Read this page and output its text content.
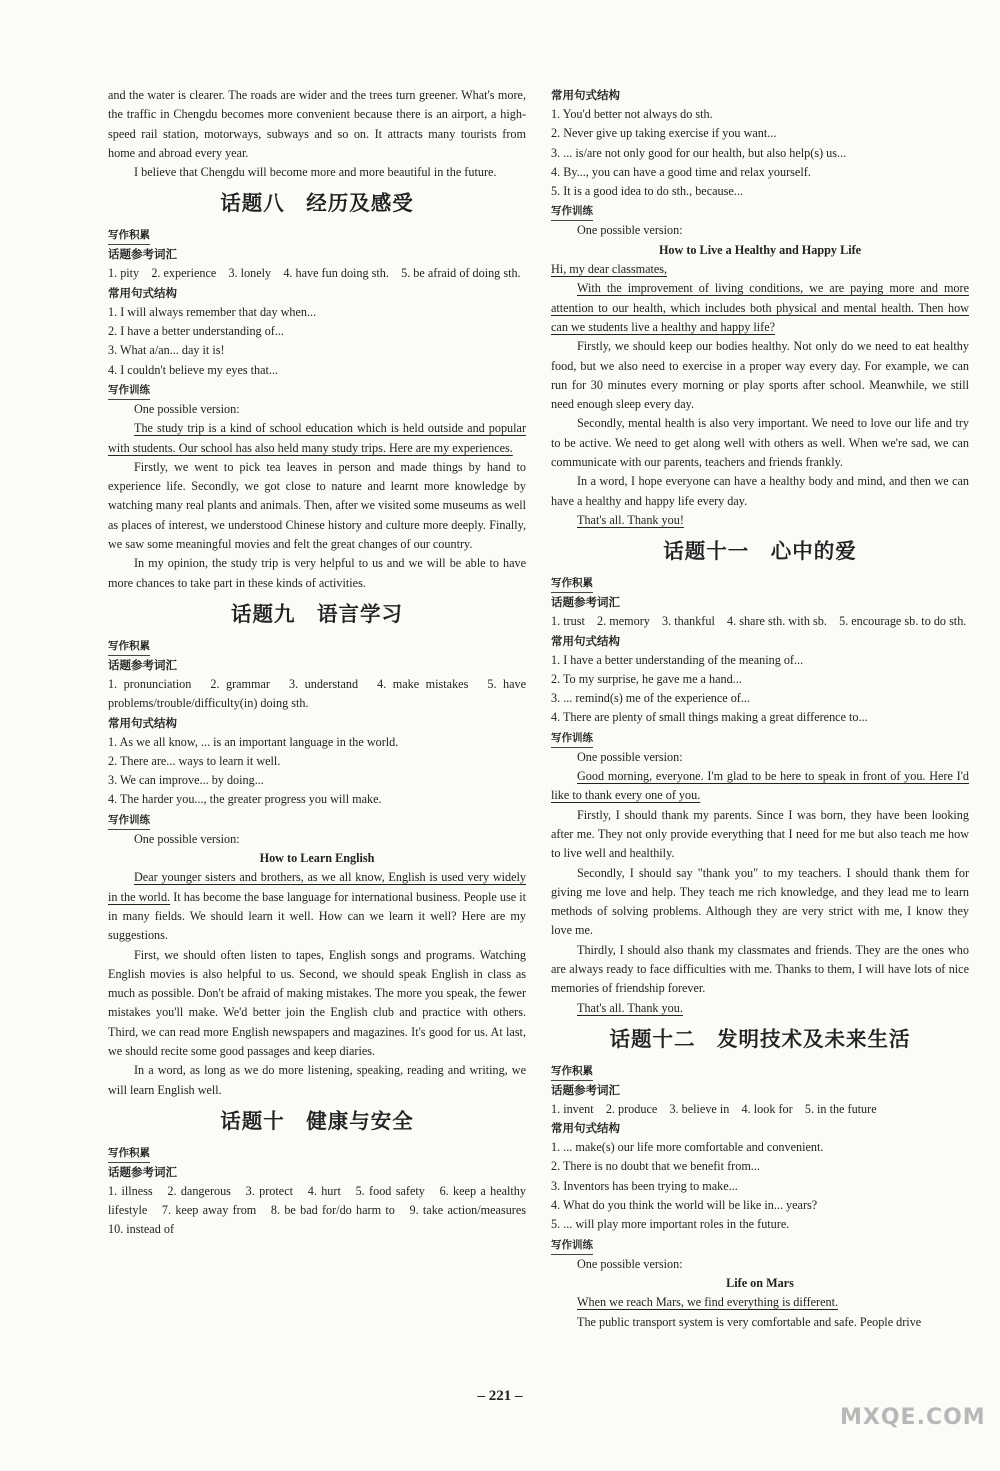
and the water is clearer. The roads are wider and the trees turn greener. What's more, the traffic in Chengdu becomes more convenient because there is an airport, a high-speed rail station, motorways, subways and so on. It attracts many tourists from home and abroad every year.

I believe that Chengdu will become more and more beautiful in the future.

话题八　经历及感受

写作积累

话题参考词汇

1. pity　2. experience　3. lonely　4. have fun doing sth.　5. be afraid of doing sth.

常用句式结构

1. I will always remember that day when...

2. I have a better understanding of...

3. What a/an... day it is!

4. I couldn't believe my eyes that...

写作训练

One possible version:

The study trip is a kind of school education which is held outside and popular with students. Our school has also held many study trips. Here are my experiences.

Firstly, we went to pick tea leaves in person and made things by hand to experience life. Secondly, we got close to nature and learnt more knowledge by watching many real plants and animals. Then, after we visited some museums as well as places of interest, we understood Chinese history and culture more deeply. Finally, we saw some meaningful movies and felt the great changes of our country.

In my opinion, the study trip is very helpful to us and we will be able to have more chances to take part in these kinds of activities.

话题九　语言学习

写作积累

话题参考词汇

1. pronunciation　2. grammar　3. understand　4. make mistakes　5. have problems/trouble/difficulty(in) doing sth.

常用句式结构

1. As we all know, ... is an important language in the world.

2. There are... ways to learn it well.

3. We can improve... by doing...

4. The harder you..., the greater progress you will make.

写作训练

One possible version:

How to Learn English

Dear younger sisters and brothers, as we all know, English is used very widely in the world. It has become the base language for international business. People use it in many fields. We should learn it well. How can we learn it well? Here are my suggestions.

First, we should often listen to tapes, English songs and programs. Watching English movies is also helpful to us. Second, we should speak English in class as much as possible. Don't be afraid of making mistakes. The more you speak, the fewer mistakes you'll make. We'd better join the English club and practice with others. Third, we can read more English newspapers and magazines. It's good for us. At last, we should recite some good passages and keep diaries.

In a word, as long as we do more listening, speaking, reading and writing, we will learn English well.

话题十　健康与安全

写作积累

话题参考词汇

1. illness　2. dangerous　3. protect　4. hurt　5. food safety　6. keep a healthy lifestyle　7. keep away from　8. be bad for/do harm to　9. take action/measures　10. instead of

常用句式结构

1. You'd better not always do sth.

2. Never give up taking exercise if you want...

3. ... is/are not only good for our health, but also help(s) us...

4. By..., you can have a good time and relax yourself.

5. It is a good idea to do sth., because...

写作训练

One possible version:

How to Live a Healthy and Happy Life

Hi, my dear classmates,

With the improvement of living conditions, we are paying more and more attention to our health, which includes both physical and mental health. Then how can we students live a healthy and happy life?

Firstly, we should keep our bodies healthy. Not only do we need to eat healthy food, but we also need to exercise in a proper way every day. For example, we can run for 30 minutes every morning or play sports after school. Meanwhile, we still need enough sleep every day.

Secondly, mental health is also very important. We need to love our life and try to be active. We need to get along well with others as well. When we're sad, we can communicate with our parents, teachers and friends frankly.

In a word, I hope everyone can have a healthy body and mind, and then we can have a healthy and happy life every day.

That's all. Thank you!

话题十一　心中的爱

写作积累

话题参考词汇

1. trust　2. memory　3. thankful　4. share sth. with sb.　5. encourage sb. to do sth.

常用句式结构

1. I have a better understanding of the meaning of...

2. To my surprise, he gave me a hand...

3. ... remind(s) me of the experience of...

4. There are plenty of small things making a great difference to...

写作训练

One possible version:

Good morning, everyone. I'm glad to be here to speak in front of you. Here I'd like to thank every one of you.

Firstly, I should thank my parents. Since I was born, they have been looking after me. They not only provide everything that I need for me but also teach me how to live well and healthily.

Secondly, I should say "thank you" to my teachers. I should thank them for giving me love and help. They teach me rich knowledge, and they lead me to learn methods of solving problems. Although they are very strict with me, I know they love me.

Thirdly, I should also thank my classmates and friends. They are the ones who are always ready to face difficulties with me. Thanks to them, I will have lots of nice memories of friendship forever.

That's all. Thank you.

话题十二　发明技术及未来生活

写作积累

话题参考词汇

1. invent　2. produce　3. believe in　4. look for　5. in the future

常用句式结构

1. ... make(s) our life more comfortable and convenient.

2. There is no doubt that we benefit from...

3. Inventors has been trying to make...

4. What do you think the world will be like in... years?

5. ... will play more important roles in the future.

写作训练

One possible version:

Life on Mars

When we reach Mars, we find everything is different.

The public transport system is very comfortable and safe. People drive

– 221 –
MXQE.COM
